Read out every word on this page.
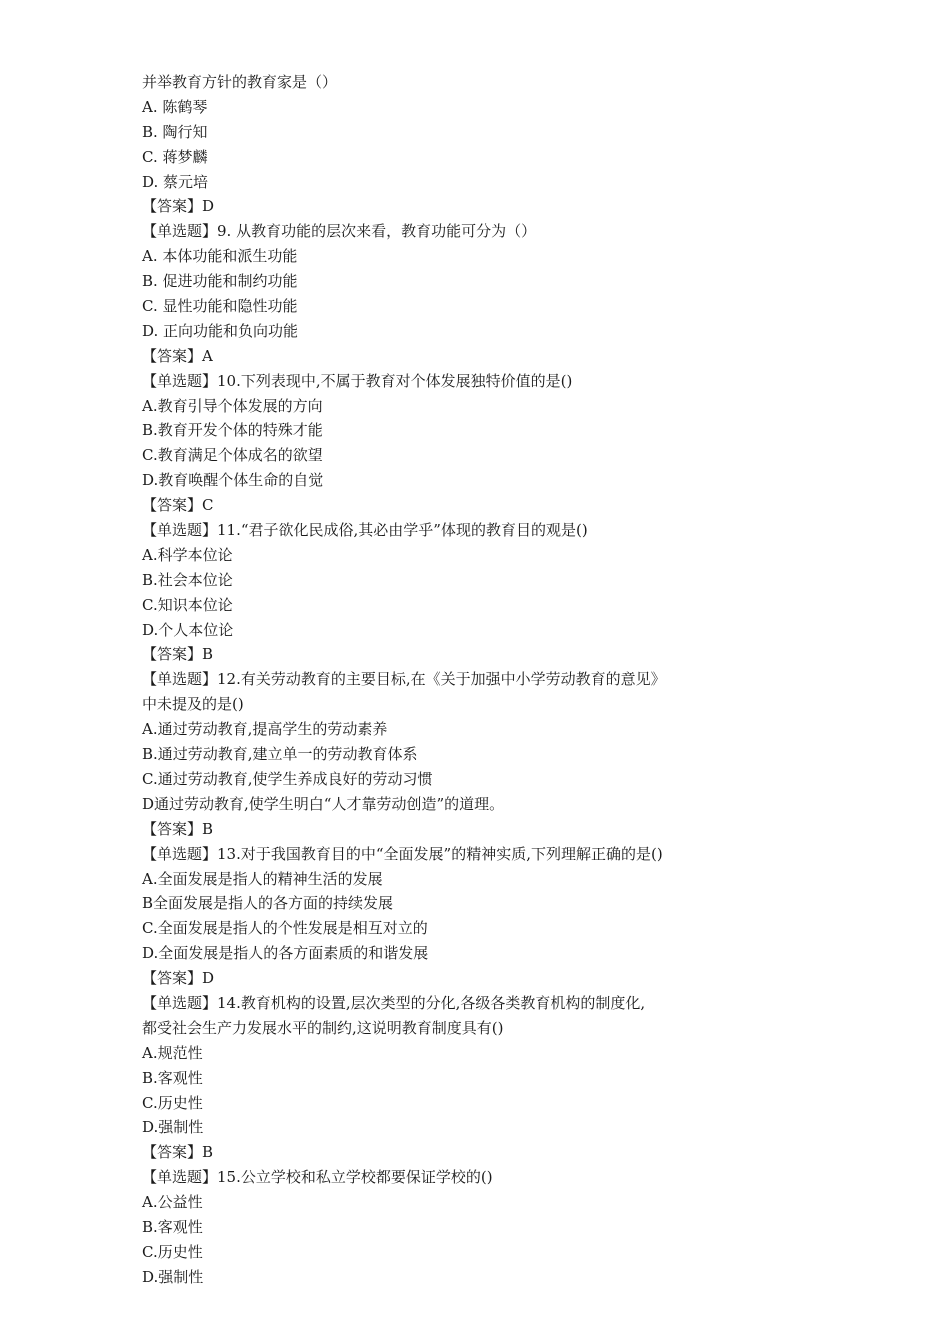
并举教育方针的教育家是（）
A. 陈鹤琴
B. 陶行知
C. 蒋梦麟
D. 蔡元培
【答案】D
【单选题】9. 从教育功能的层次来看，教育功能可分为（）
A. 本体功能和派生功能
B. 促进功能和制约功能
C. 显性功能和隐性功能
D. 正向功能和负向功能
【答案】A
【单选题】10.下列表现中,不属于教育对个体发展独特价值的是()
A.教育引导个体发展的方向
B.教育开发个体的特殊才能
C.教育满足个体成名的欲望
D.教育唤醒个体生命的自觉
【答案】C
【单选题】11.“君子欲化民成俗,其必由学乎”体现的教育目的观是()
A.科学本位论
B.社会本位论
C.知识本位论
D.个人本位论
【答案】B
【单选题】12.有关劳动教育的主要目标,在《关于加强中小学劳动教育的意见》
中未提及的是()
A.通过劳动教育,提高学生的劳动素养
B.通过劳动教育,建立单一的劳动教育体系
C.通过劳动教育,使学生养成良好的劳动习惯
D通过劳动教育,使学生明白“人才靠劳动创造”的道理。
【答案】B
【单选题】13.对于我国教育目的中“全面发展”的精神实质,下列理解正确的是()
A.全面发展是指人的精神生活的发展
B全面发展是指人的各方面的持续发展
C.全面发展是指人的个性发展是相互对立的
D.全面发展是指人的各方面素质的和谐发展
【答案】D
【单选题】14.教育机构的设置,层次类型的分化,各级各类教育机构的制度化,
都受社会生产力发展水平的制约,这说明教育制度具有()
A.规范性
B.客观性
C.历史性
D.强制性
【答案】B
【单选题】15.公立学校和私立学校都要保证学校的()
A.公益性
B.客观性
C.历史性
D.强制性
